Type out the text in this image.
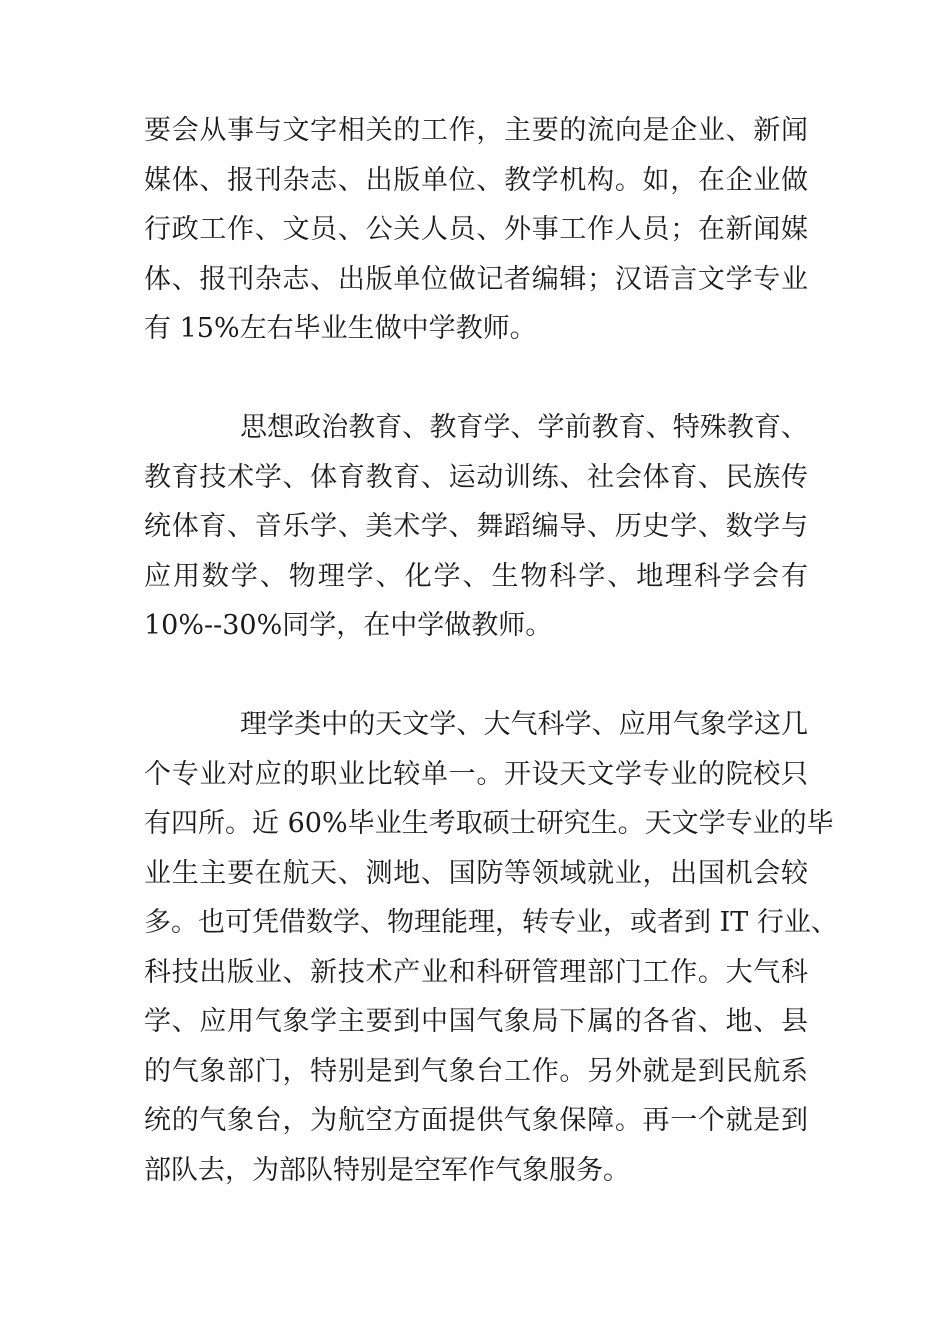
要会从事与文字相关的工作，主要的流向是企业、新闻
媒体、报刊杂志、出版单位、教学机构。如，在企业做
行政工作、文员、公关人员、外事工作人员；在新闻媒
体、报刊杂志、出版单位做记者编辑；汉语言文学专业
有 15%左右毕业生做中学教师。
思想政治教育、教育学、学前教育、特殊教育、
教育技术学、体育教育、运动训练、社会体育、民族传
统体育、音乐学、美术学、舞蹈编导、历史学、数学与
应用数学、物理学、化学、生物科学、地理科学会有
10%--30%同学，在中学做教师。
理学类中的天文学、大气科学、应用气象学这几
个专业对应的职业比较单一。开设天文学专业的院校只
有四所。近 60%毕业生考取硕士研究生。天文学专业的毕
业生主要在航天、测地、国防等领域就业，出国机会较
多。也可凭借数学、物理能理，转专业，或者到 IT 行业、
科技出版业、新技术产业和科研管理部门工作。大气科
学、应用气象学主要到中国气象局下属的各省、地、县
的气象部门，特别是到气象台工作。另外就是到民航系
统的气象台，为航空方面提供气象保障。再一个就是到
部队去，为部队特别是空军作气象服务。
